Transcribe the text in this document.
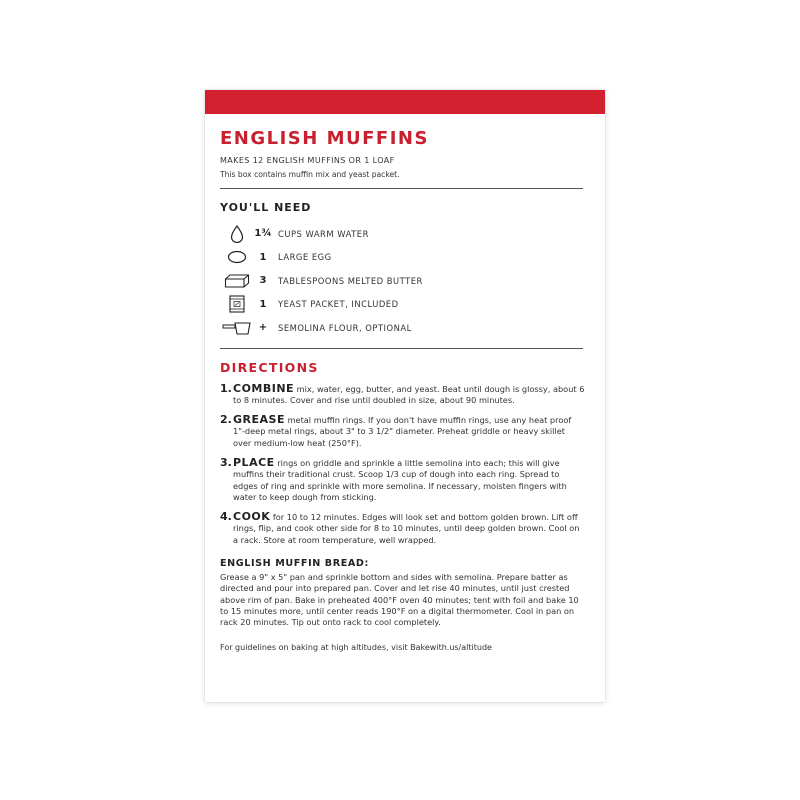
ENGLISH MUFFINS
MAKES 12 ENGLISH MUFFINS OR 1 LOAF
This box contains muffin mix and yeast packet.
YOU'LL NEED
1¾ CUPS WARM WATER
1	LARGE EGG
3	TABLESPOONS MELTED BUTTER
1	YEAST PACKET, INCLUDED
+	SEMOLINA FLOUR, OPTIONAL
DIRECTIONS
1. COMBINE mix, water, egg, butter, and yeast. Beat until dough is glossy, about 6 to 8 minutes. Cover and rise until doubled in size, about 90 minutes.
2. GREASE metal muffin rings. If you don't have muffin rings, use any heat proof 1"-deep metal rings, about 3" to 3 1/2" diameter. Preheat griddle or heavy skillet over medium-low heat (250°F).
3. PLACE rings on griddle and sprinkle a little semolina into each; this will give muffins their traditional crust. Scoop 1/3 cup of dough into each ring. Spread to edges of ring and sprinkle with more semolina. If necessary, moisten fingers with water to keep dough from sticking.
4. COOK for 10 to 12 minutes. Edges will look set and bottom golden brown. Lift off rings, flip, and cook other side for 8 to 10 minutes, until deep golden brown. Cool on a rack. Store at room temperature, well wrapped.
ENGLISH MUFFIN BREAD:
Grease a 9" x 5" pan and sprinkle bottom and sides with semolina. Prepare batter as directed and pour into prepared pan. Cover and let rise 40 minutes, until just crested above rim of pan. Bake in preheated 400°F oven 40 minutes; tent with foil and bake 10 to 15 minutes more, until center reads 190°F on a digital thermometer. Cool in pan on rack 20 minutes. Tip out onto rack to cool completely.
For guidelines on baking at high altitudes, visit Bakewith.us/altitude
